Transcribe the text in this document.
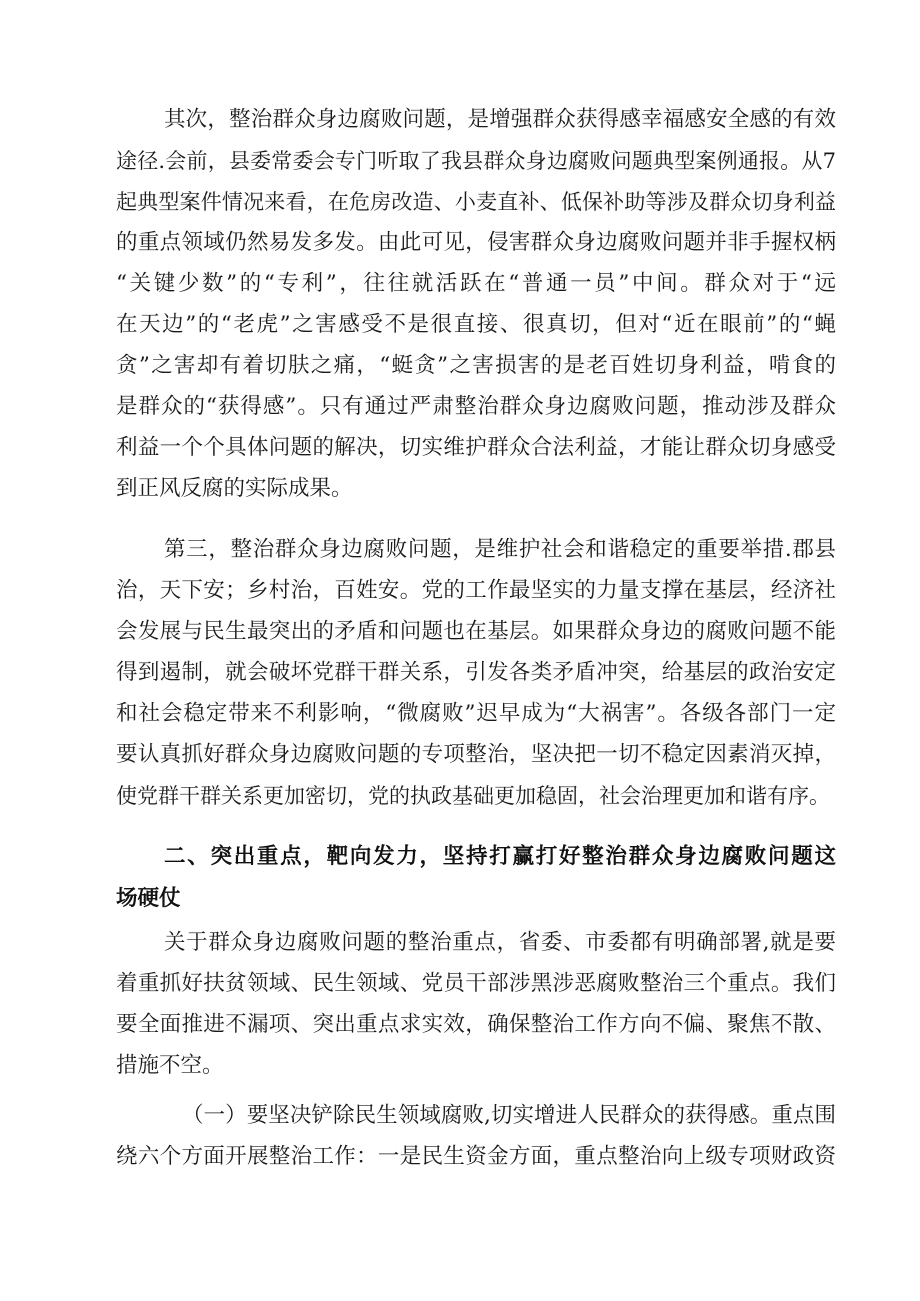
其次，整治群众身边腐败问题，是增强群众获得感幸福感安全感的有效
途径.会前，县委常委会专门听取了我县群众身边腐败问题典型案例通报。从7
起典型案件情况来看，在危房改造、小麦直补、低保补助等涉及群众切身利益
的重点领域仍然易发多发。由此可见，侵害群众身边腐败问题并非手握权柄
“关键少数”的“专利”，往往就活跃在“普通一员”中间。群众对于“远
在天边”的“老虎”之害感受不是很直接、很真切，但对“近在眼前”的“蝇
贪”之害却有着切肤之痛，“蜓贪”之害损害的是老百姓切身利益，啃食的
是群众的“获得感”。只有通过严肃整治群众身边腐败问题，推动涉及群众
利益一个个具体问题的解决，切实维护群众合法利益，才能让群众切身感受
到正风反腐的实际成果。
第三，整治群众身边腐败问题，是维护社会和谐稳定的重要举措.郡县
治，天下安；乡村治，百姓安。党的工作最坚实的力量支撑在基层，经济社
会发展与民生最突出的矛盾和问题也在基层。如果群众身边的腐败问题不能
得到遏制，就会破坏党群干群关系，引发各类矛盾冲突，给基层的政治安定
和社会稳定带来不利影响，“微腐败”迟早成为“大祸害”。各级各部门一定
要认真抓好群众身边腐败问题的专项整治，坚决把一切不稳定因素消灭掉，
使党群干群关系更加密切，党的执政基础更加稳固，社会治理更加和谐有序。
二、突出重点，靶向发力，坚持打赢打好整治群众身边腐败问题这
场硬仗
关于群众身边腐败问题的整治重点，省委、市委都有明确部署,就是要
着重抓好扶贫领域、民生领域、党员干部涉黑涉恶腐败整治三个重点。我们
要全面推进不漏项、突出重点求实效，确保整治工作方向不偏、聚焦不散、
措施不空。
（一）要坚决铲除民生领域腐败,切实增进人民群众的获得感。重点围
绕六个方面开展整治工作：一是民生资金方面，重点整治向上级专项财政资
